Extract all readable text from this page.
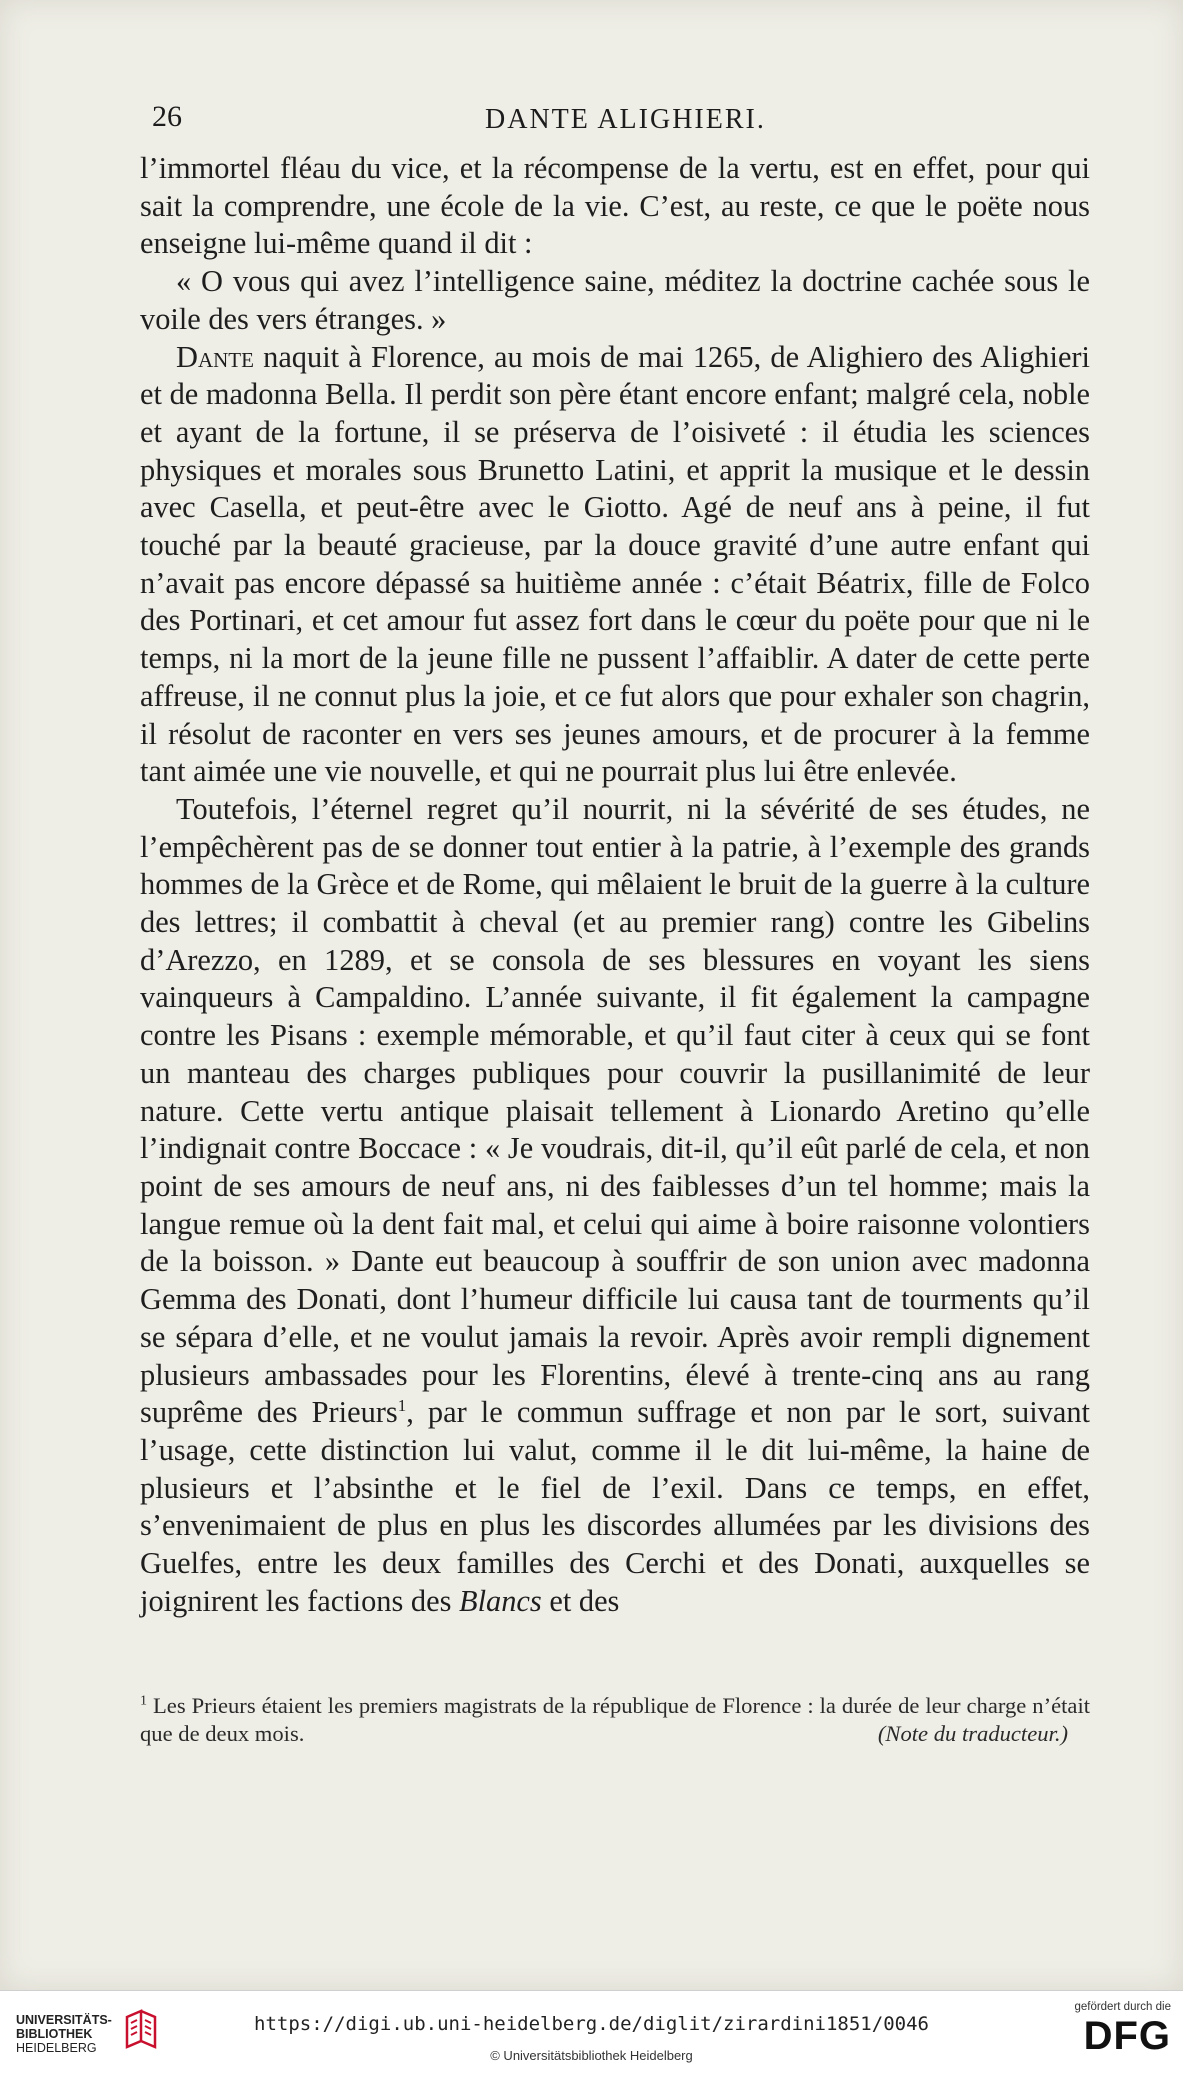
26	DANTE ALIGHIERI.

l’immortel fléau du vice, et la récompense de la vertu, est en effet, pour qui sait la comprendre, une école de la vie. C’est, au reste, ce que le poëte nous enseigne lui-même quand il dit :

« O vous qui avez l’intelligence saine, méditez la doctrine cachée sous le voile des vers étranges. »

Dante naquit à Florence, au mois de mai 1265, de Alighiero des Alighieri et de madonna Bella. Il perdit son père étant encore enfant; malgré cela, noble et ayant de la fortune, il se préserva de l’oisiveté : il étudia les sciences physiques et morales sous Brunetto Latini, et apprit la musique et le dessin avec Casella, et peut-être avec le Giotto. Agé de neuf ans à peine, il fut touché par la beauté gracieuse, par la douce gravité d’une autre enfant qui n’avait pas encore dépassé sa huitième année : c’était Béatrix, fille de Folco des Portinari, et cet amour fut assez fort dans le cœur du poëte pour que ni le temps, ni la mort de la jeune fille ne pussent l’affaiblir. A dater de cette perte affreuse, il ne connut plus la joie, et ce fut alors que pour exhaler son chagrin, il résolut de raconter en vers ses jeunes amours, et de procurer à la femme tant aimée une vie nouvelle, et qui ne pourrait plus lui être enlevée.

Toutefois, l’éternel regret qu’il nourrit, ni la sévérité de ses études, ne l’empêchèrent pas de se donner tout entier à la patrie, à l’exemple des grands hommes de la Grèce et de Rome, qui mêlaient le bruit de la guerre à la culture des lettres; il combattit à cheval (et au premier rang) contre les Gibelins d’Arezzo, en 1289, et se consola de ses blessures en voyant les siens vainqueurs à Campaldino. L’année suivante, il fit également la campagne contre les Pisans : exemple mémorable, et qu’il faut citer à ceux qui se font un manteau des charges publiques pour couvrir la pusillanimité de leur nature. Cette vertu antique plaisait tellement à Lionardo Aretino qu’elle l’indignait contre Boccace : « Je voudrais, dit-il, qu’il eût parlé de cela, et non point de ses amours de neuf ans, ni des faiblesses d’un tel homme; mais la langue remue où la dent fait mal, et celui qui aime à boire raisonne volontiers de la boisson. » Dante eut beaucoup à souffrir de son union avec madonna Gemma des Donati, dont l’humeur difficile lui causa tant de tourments qu’il se sépara d’elle, et ne voulut jamais la revoir. Après avoir rempli dignement plusieurs ambassades pour les Florentins, élevé à trente-cinq ans au rang suprême des Prieurs$^1$, par le commun suffrage et non par le sort, suivant l’usage, cette distinction lui valut, comme il le dit lui-même, la haine de plusieurs et l’absinthe et le fiel de l’exil. Dans ce temps, en effet, s’envenimaient de plus en plus les discordes allumées par les divisions des Guelfes, entre les deux familles des Cerchi et des Donati, auxquelles se joignirent les factions des Blancs et des

$^1$ Les Prieurs étaient les premiers magistrats de la république de Florence : la durée de leur charge n’était que de deux mois.	(Note du traducteur.)
UNIVERSITÄTS-
BIBLIOTHEK
HEIDELBERG
https://digi.ub.uni-heidelberg.de/diglit/zirardini1851/0046
© Universitätsbibliothek Heidelberg
gefördert durch die
DFG
